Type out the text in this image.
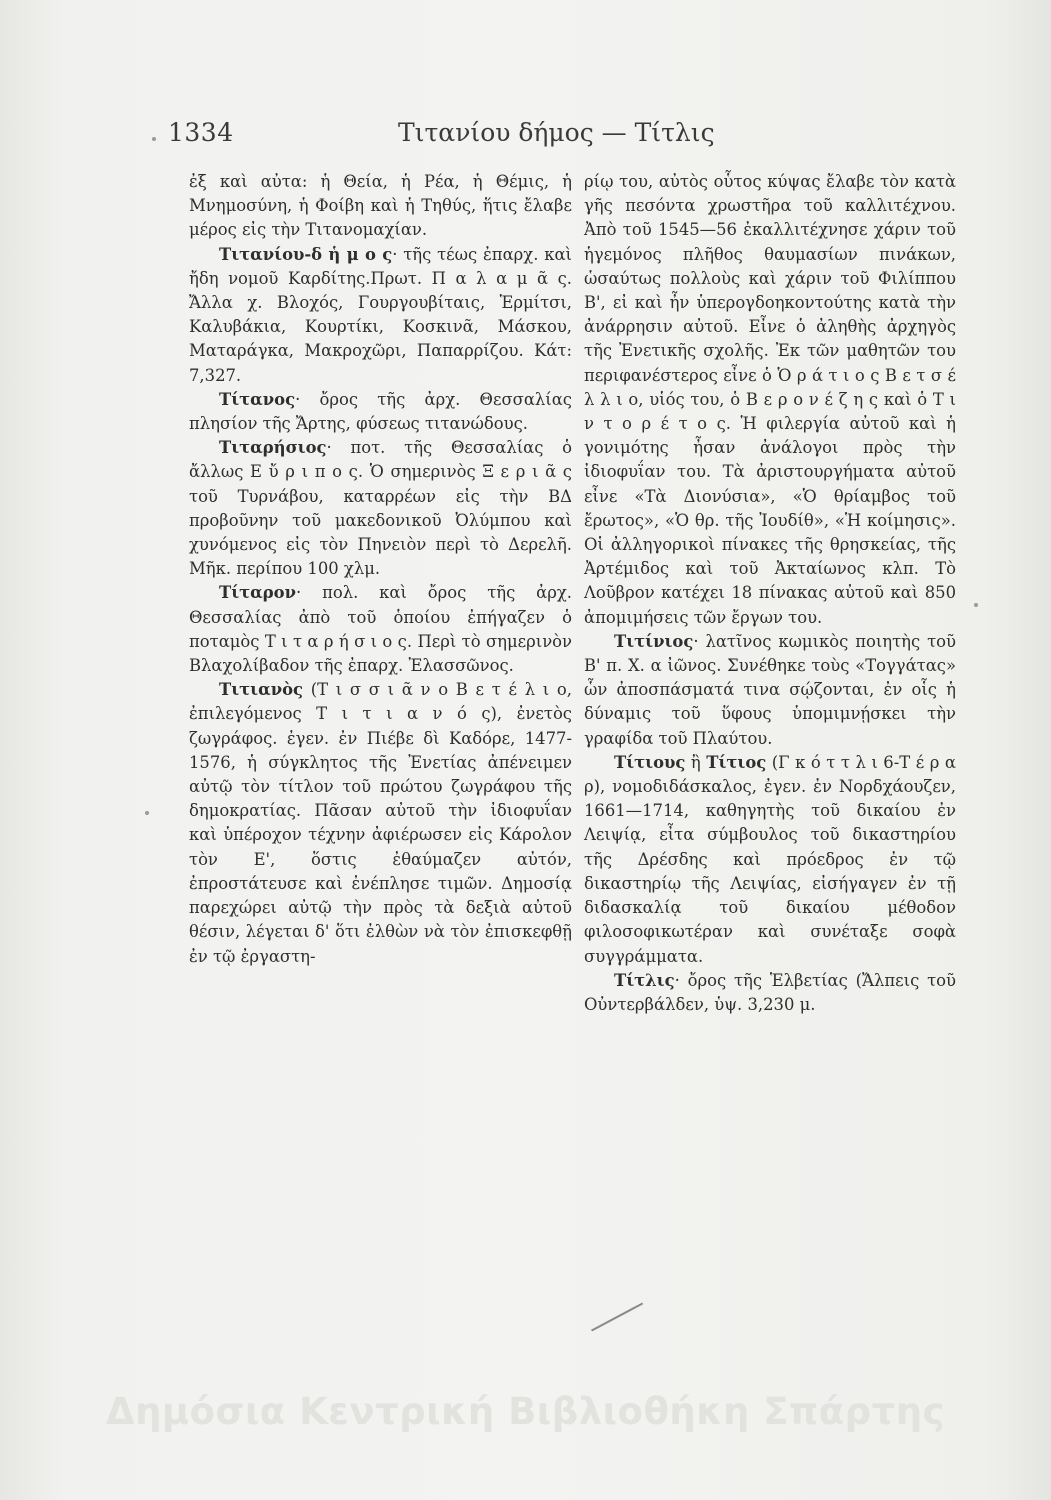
1334	Τιτανίου δήμος — Τίτλις

ἐξ καὶ αὐτα: ἡ Θεία, ἡ Ρέα, ἡ Θέμις, ἡ Μνημοσύνη, ἡ Φοίβη καὶ ἡ Τηθύς, ἥτις ἔλαβε μέρος εἰς τὴν Τιτανομαχίαν.

Τιτανίου-δ ἡ μ ο ς· τῆς τέως ἐπαρχ. καὶ ἤδη νομοῦ Καρδίτης.Πρωτ. Π α λ α μ ᾶ ς. Ἄλλα χ. Βλοχός, Γουργουβίταις, Ἑρμίτσι, Καλυβάκια, Κουρτίκι, Κοσκινᾶ, Μάσκου, Ματαράγκα, Μακροχῶρι, Παπαρρίζου. Κάτ: 7,327.

Τίτανος· ὄρος τῆς ἀρχ. Θεσσαλίας πλησίον τῆς Ἄρτης, φύσεως τιτανώδους.

Τιταρήσιος· ποτ. τῆς Θεσσαλίας ὁ ἄλλως Ε ὔ ρ ι π ο ς. Ὁ σημερινὸς Ξ ε ρ ι ᾶ ς τοῦ Τυρνάβου, καταρρέων εἰς τὴν ΒΔ προβοῦνην τοῦ μακεδονικοῦ Ὀλύμπου καὶ χυνόμενος εἰς τὸν Πηνειὸν περὶ τὸ Δερελῆ. Μῆκ. περίπου 100 χλμ.

Τίταρον· πολ. καὶ ὄρος τῆς ἀρχ. Θεσσαλίας ἀπὸ τοῦ ὁποίου ἐπήγαζεν ὁ ποταμὸς Τ ι τ α ρ ή σ ι ο ς. Περὶ τὸ σημερινὸν Βλαχολίβαδον τῆς ἐπαρχ. Ἐλασσῶνος.

Τιτιανὸς (Τ ι σ σ ι ᾶ ν ο Β ε τ έ λ ι ο, ἐπιλεγόμενος Τ ι τ ι α ν ό ς), ἐνετὸς ζωγράφος. ἐγεν. ἐν Πιέβε δὶ Καδόρε, 1477-1576, ἡ σύγκλητος τῆς Ἐνετίας ἀπένειμεν αὐτῷ τὸν τίτλον τοῦ πρώτου ζωγράφου τῆς δημοκρατίας. Πᾶσαν αὐτοῦ τὴν ἰδιοφυΐαν καὶ ὑπέροχον τέχνην ἀφιέρωσεν εἰς Κάρολον τὸν Ε', ὅστις ἐθαύμαζεν αὐτόν, ἐπροστάτευσε καὶ ἐνέπλησε τιμῶν. Δημοσίᾳ παρεχώρει αὐτῷ τὴν πρὸς τὰ δεξιὰ αὐτοῦ θέσιν, λέγεται δ' ὅτι ἐλθὼν νὰ τὸν ἐπισκεφθῇ ἐν τῷ ἐργαστη-

ρίῳ του, αὐτὸς οὗτος κύψας ἔλαβε τὸν κατὰ γῆς πεσόντα χρωστῆρα τοῦ καλλιτέχνου. Ἀπὸ τοῦ 1545—56 ἐκαλλιτέχνησε χάριν τοῦ ἡγεμόνος πλῆθος θαυμασίων πινάκων, ὡσαύτως πολλοὺς καὶ χάριν τοῦ Φιλίππου Β', εἰ καὶ ἦν ὑπερογδοηκοντούτης κατὰ τὴν ἀνάρρησιν αὐτοῦ. Εἶνε ὁ ἀληθὴς ἀρχηγὸς τῆς Ἐνετικῆς σχολῆς. Ἐκ τῶν μαθητῶν του περιφανέστερος εἶνε ὁ Ὁ ρ ά τ ι ο ς Β ε τ σ έ λ λ ι ο, υἱός του, ὁ Β ε ρ ο ν έ ζ η ς καὶ ὁ Τ ι ν τ ο ρ έ τ ο ς. Ἡ φιλεργία αὐτοῦ καὶ ἡ γονιμότης ἦσαν ἀνάλογοι πρὸς τὴν ἰδιοφυΐαν του. Τὰ ἀριστουργήματα αὐτοῦ εἶνε «Τὰ Διονύσια», «Ὁ θρίαμβος τοῦ ἔρωτος», «Ὁ θρ. τῆς Ἰουδίθ», «Ἡ κοίμησις». Οἱ ἀλληγορικοὶ πίνακες τῆς θρησκείας, τῆς Ἀρτέμιδος καὶ τοῦ Ἀκταίωνος κλπ. Τὸ Λοῦβρον κατέχει 18 πίνακας αὐτοῦ καὶ 850 ἀπομιμήσεις τῶν ἔργων του.

Τιτίνιος· λατῖνος κωμικὸς ποιητὴς τοῦ Β' π. Χ. α ἰῶνος. Συνέθηκε τοὺς «Τογγάτας» ὧν ἀποσπάσματά τινα σῴζονται, ἐν οἷς ἡ δύναμις τοῦ ὕφους ὑπομιμνῄσκει τὴν γραφίδα τοῦ Πλαύτου.

Τίτιους ἢ Τίτιος (Γ κ ό τ τ λ ι 6-Τ έ ρ α ρ), νομοδιδάσκαλος, ἐγεν. ἐν Νορδχάουζεν, 1661—1714, καθηγητὴς τοῦ δικαίου ἐν Λειψίᾳ, εἶτα σύμβουλος τοῦ δικαστηρίου τῆς Δρέσδης καὶ πρόεδρος ἐν τῷ δικαστηρίῳ τῆς Λειψίας, εἰσήγαγεν ἐν τῇ διδασκαλίᾳ τοῦ δικαίου μέθοδον φιλοσοφικωτέραν καὶ συνέταξε σοφὰ συγγράμματα.

Τίτλις· ὄρος τῆς Ἑλβετίας (Ἄλπεις τοῦ Οὐντερβάλδεν, ὑψ. 3,230 μ.

Δημόσια Κεντρική Βιβλιοθήκη Σπάρτης
